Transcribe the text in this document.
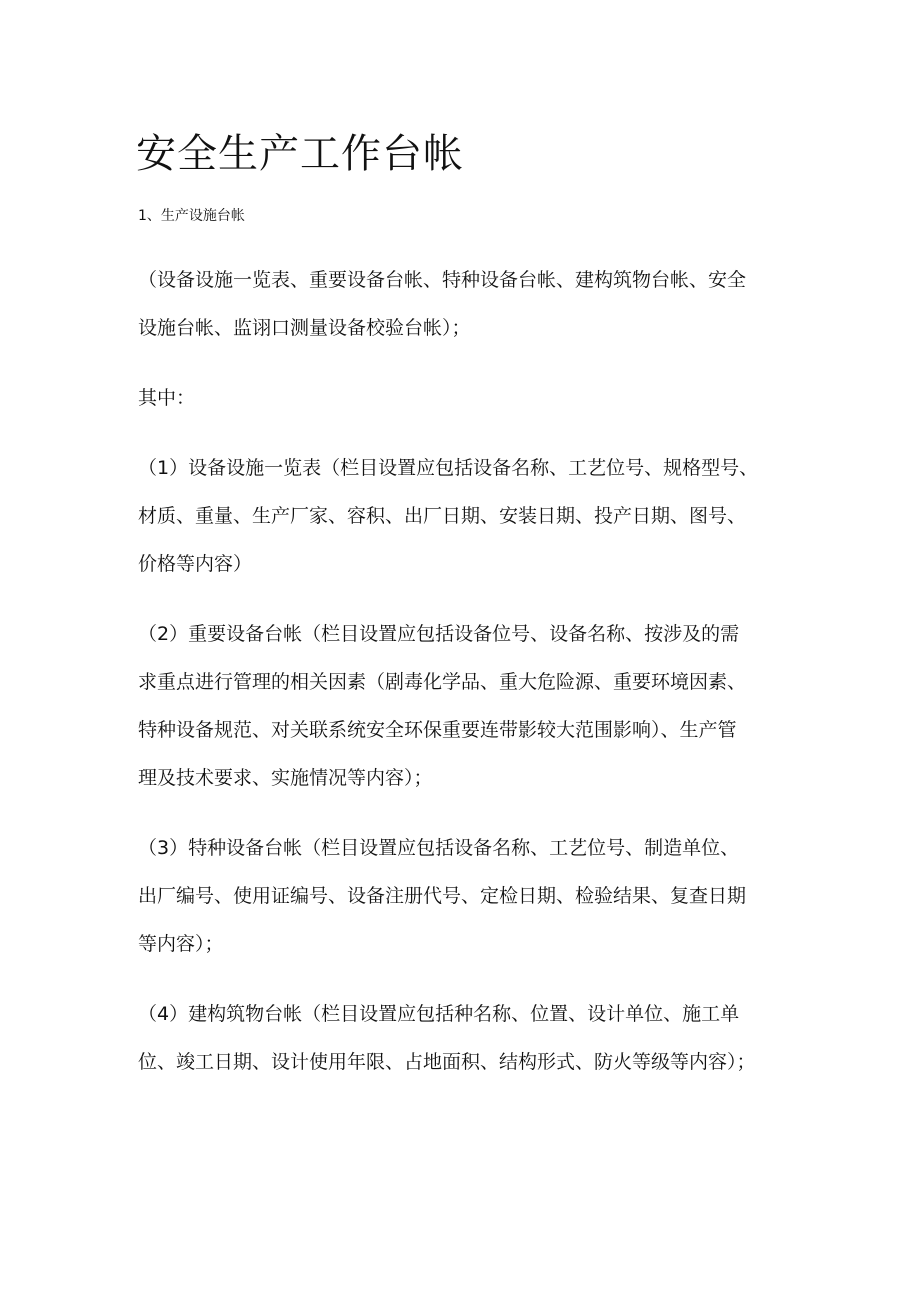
安全生产工作台帐
1、生产设施台帐

（设备设施一览表、重要设备台帐、特种设备台帐、建构筑物台帐、安全
设施台帐、监诩口测量设备校验台帐）；

其中：

（1）设备设施一览表（栏目设置应包括设备名称、工艺位号、规格型号、
材质、重量、生产厂家、容积、出厂日期、安装日期、投产日期、图号、
价格等内容）

（2）重要设备台帐（栏目设置应包括设备位号、设备名称、按涉及的需
求重点进行管理的相关因素（剧毒化学品、重大危险源、重要环境因素、
特种设备规范、对关联系统安全环保重要连带影较大范围影响）、生产管
理及技术要求、实施情况等内容）；

（3）特种设备台帐（栏目设置应包括设备名称、工艺位号、制造单位、
出厂编号、使用证编号、设备注册代号、定检日期、检验结果、复查日期
等内容）；

（4）建构筑物台帐（栏目设置应包括种名称、位置、设计单位、施工单
位、竣工日期、设计使用年限、占地面积、结构形式、防火等级等内容）；
